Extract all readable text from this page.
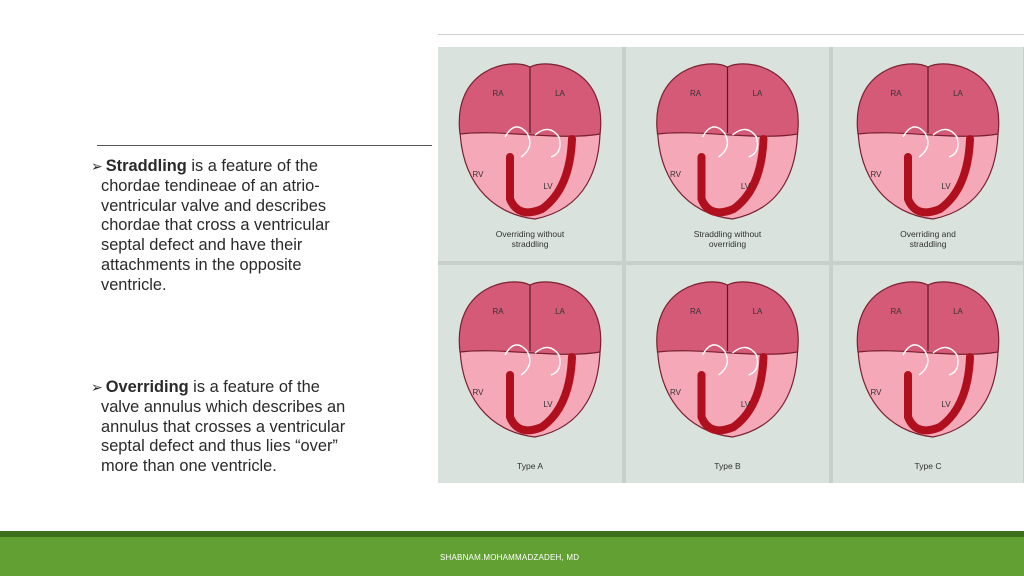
➢ Straddling is a feature of the
chordae tendineae of an atrio-
ventricular valve and describes
chordae that cross a ventricular
septal defect and have their
attachments in the opposite
ventricle.
➢ Overriding is a feature of the
valve annulus which describes an
annulus that crosses a ventricular
septal defect and thus lies “over”
more than one ventricle.
RA	LA
RV
LV
Overriding without
straddling
RA	LA
RV
LV
Straddling without
overriding
RA	LA
RV
LV
Overriding and
straddling
RA	LA
RV
LV
Type A
RA	LA
RV
LV
Type B
RA	LA
RV
LV
Type C
SHABNAM.MOHAMMADZADEH, MD
